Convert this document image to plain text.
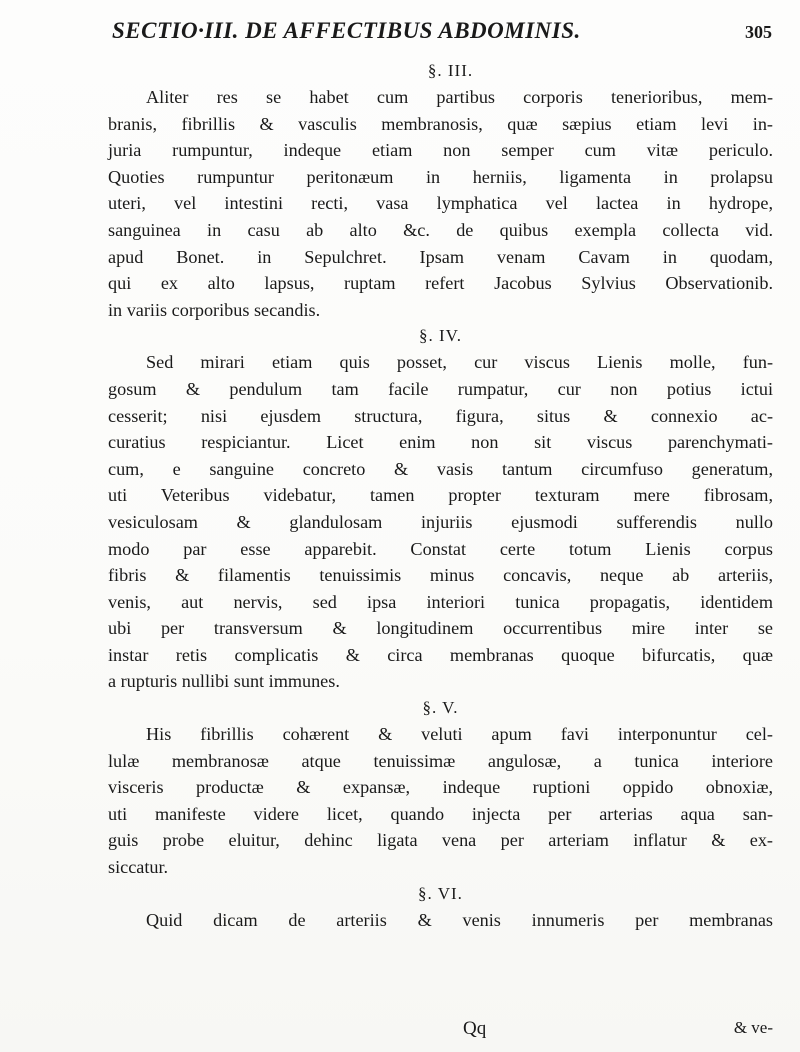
SECTIO·III. DE AFFECTIBUS ABDOMINIS.	305
§. III.
Aliter res se habet cum partibus corporis tenerioribus, mem-
branis, fibrillis & vasculis membranosis, quæ sæpius etiam levi in-
juria rumpuntur, indeque etiam non semper cum vitæ periculo.
Quoties rumpuntur peritonæum in herniis, ligamenta in prolapsu
uteri, vel intestini recti, vasa lymphatica vel lactea in hydrope,
sanguinea in casu ab alto &c. de quibus exempla collecta vid.
apud Bonet. in Sepulchret. Ipsam venam Cavam in quodam,
qui ex alto lapsus, ruptam refert Jacobus Sylvius Observationib.
in variis corporibus secandis.
§. IV.
Sed mirari etiam quis posset, cur viscus Lienis molle, fun-
gosum & pendulum tam facile rumpatur, cur non potius ictui
cesserit; nisi ejusdem structura, figura, situs & connexio ac-
curatius respiciantur. Licet enim non sit viscus parenchymati-
cum, e sanguine concreto & vasis tantum circumfuso generatum,
uti Veteribus videbatur, tamen propter texturam mere fibrosam,
vesiculosam & glandulosam injuriis ejusmodi sufferendis nullo
modo par esse apparebit. Constat certe totum Lienis corpus
fibris & filamentis tenuissimis minus concavis, neque ab arteriis,
venis, aut nervis, sed ipsa interiori tunica propagatis, identidem
ubi per transversum & longitudinem occurrentibus mire inter se
instar retis complicatis & circa membranas quoque bifurcatis, quæ
a rupturis nullibi sunt immunes.
§. V.
His fibrillis cohærent & veluti apum favi interponuntur cel-
lulæ membranosæ atque tenuissimæ angulosæ, a tunica interiore
visceris productæ & expansæ, indeque ruptioni oppido obnoxiæ,
uti manifeste videre licet, quando injecta per arterias aqua san-
guis probe eluitur, dehinc ligata vena per arteriam inflatur & ex-
siccatur.
§. VI.
Quid dicam de arteriis & venis innumeris per membranas
Qq	& ve-
